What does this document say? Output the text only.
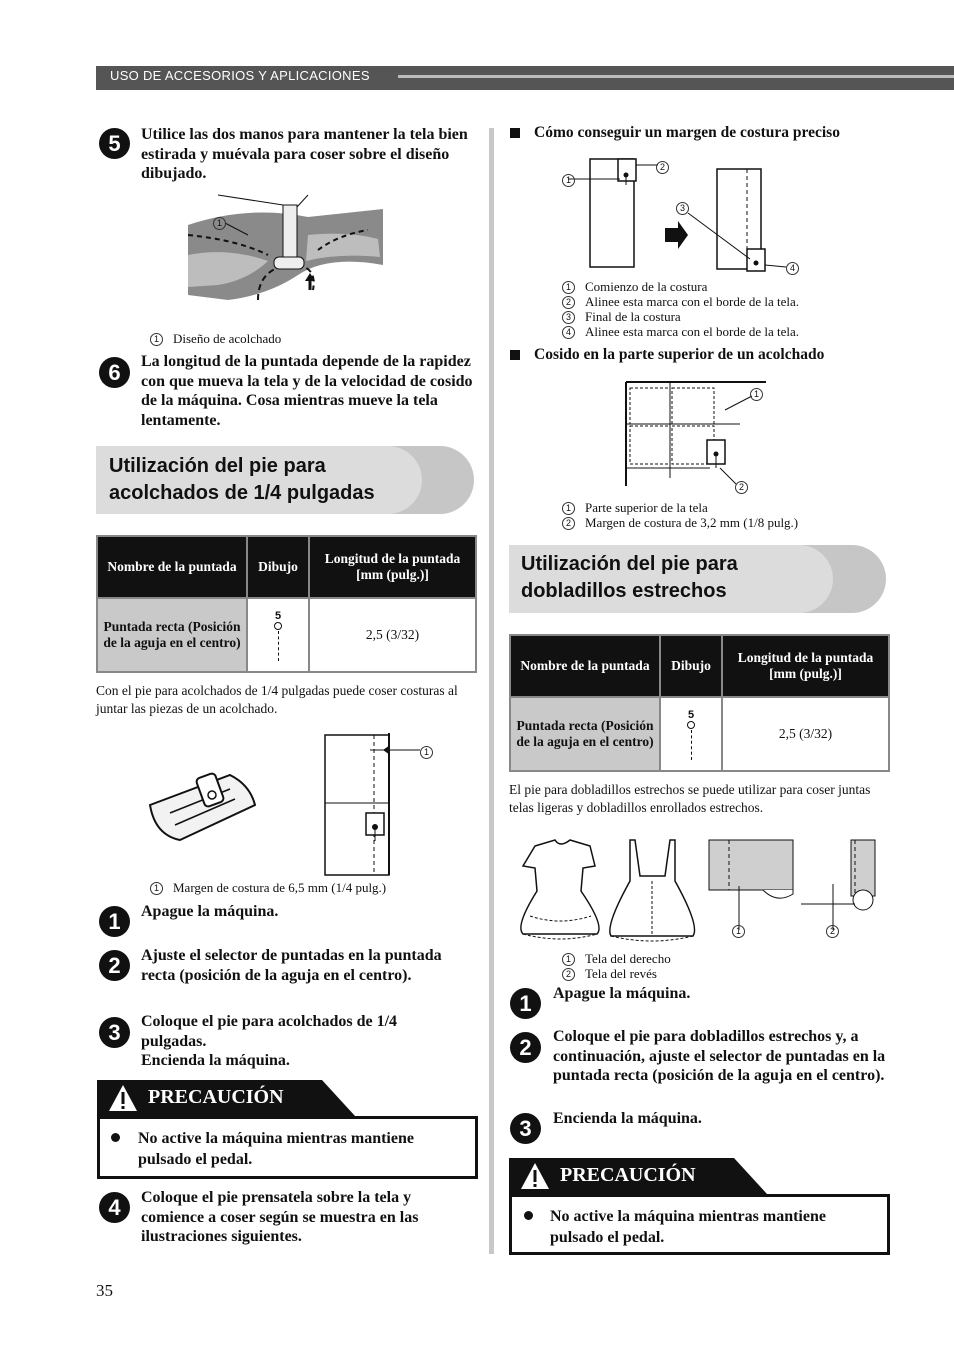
USO DE ACCESORIOS Y APLICACIONES
5	Utilice las dos manos para mantener la tela bien estirada y muévala para coser sobre el diseño dibujado.
1
1 Diseño de acolchado
6	La longitud de la puntada depende de la rapidez con que mueva la tela y de la velocidad de cosido de la máquina. Cosa mientras mueve la tela lentamente.
Utilización del pie para
acolchados de 1/4 pulgadas
Nombre de la puntada	Dibujo	Longitud de la puntada
[mm (pulg.)]

Puntada recta (Posición de la aguja en el centro)	5	2,5 (3/32)
Con el pie para acolchados de 1/4 pulgadas puede coser costuras al juntar las piezas de un acolchado.
1
1 Margen de costura de 6,5 mm (1/4 pulg.)
1	Apague la máquina.
2	Ajuste el selector de puntadas en la puntada recta (posición de la aguja en el centro).
3	Coloque el pie para acolchados de 1/4 pulgadas.
Encienda la máquina.
PRECAUCIÓN
No active la máquina mientras mantiene pulsado el pedal.
4	Coloque el pie prensatela sobre la tela y comience a coser según se muestra en las ilustraciones siguientes.
Cómo conseguir un margen de costura preciso
1
2
3
4
1 Comienzo de la costura
2 Alinee esta marca con el borde de la tela.
3 Final de la costura
4 Alinee esta marca con el borde de la tela.
Cosido en la parte superior de un acolchado
1
2
1 Parte superior de la tela
2 Margen de costura de 3,2 mm (1/8 pulg.)
Utilización del pie para
dobladillos estrechos
Nombre de la puntada	Dibujo	Longitud de la puntada
[mm (pulg.)]

Puntada recta (Posición de la aguja en el centro)	5	2,5 (3/32)
El pie para dobladillos estrechos se puede utilizar para coser juntas telas ligeras y dobladillos enrollados estrechos.
1	2
1 Tela del derecho
2 Tela del revés
1	Apague la máquina.
2	Coloque el pie para dobladillos estrechos y, a continuación, ajuste el selector de puntadas en la puntada recta (posición de la aguja en el centro).
3	Encienda la máquina.
PRECAUCIÓN
No active la máquina mientras mantiene pulsado el pedal.
35
